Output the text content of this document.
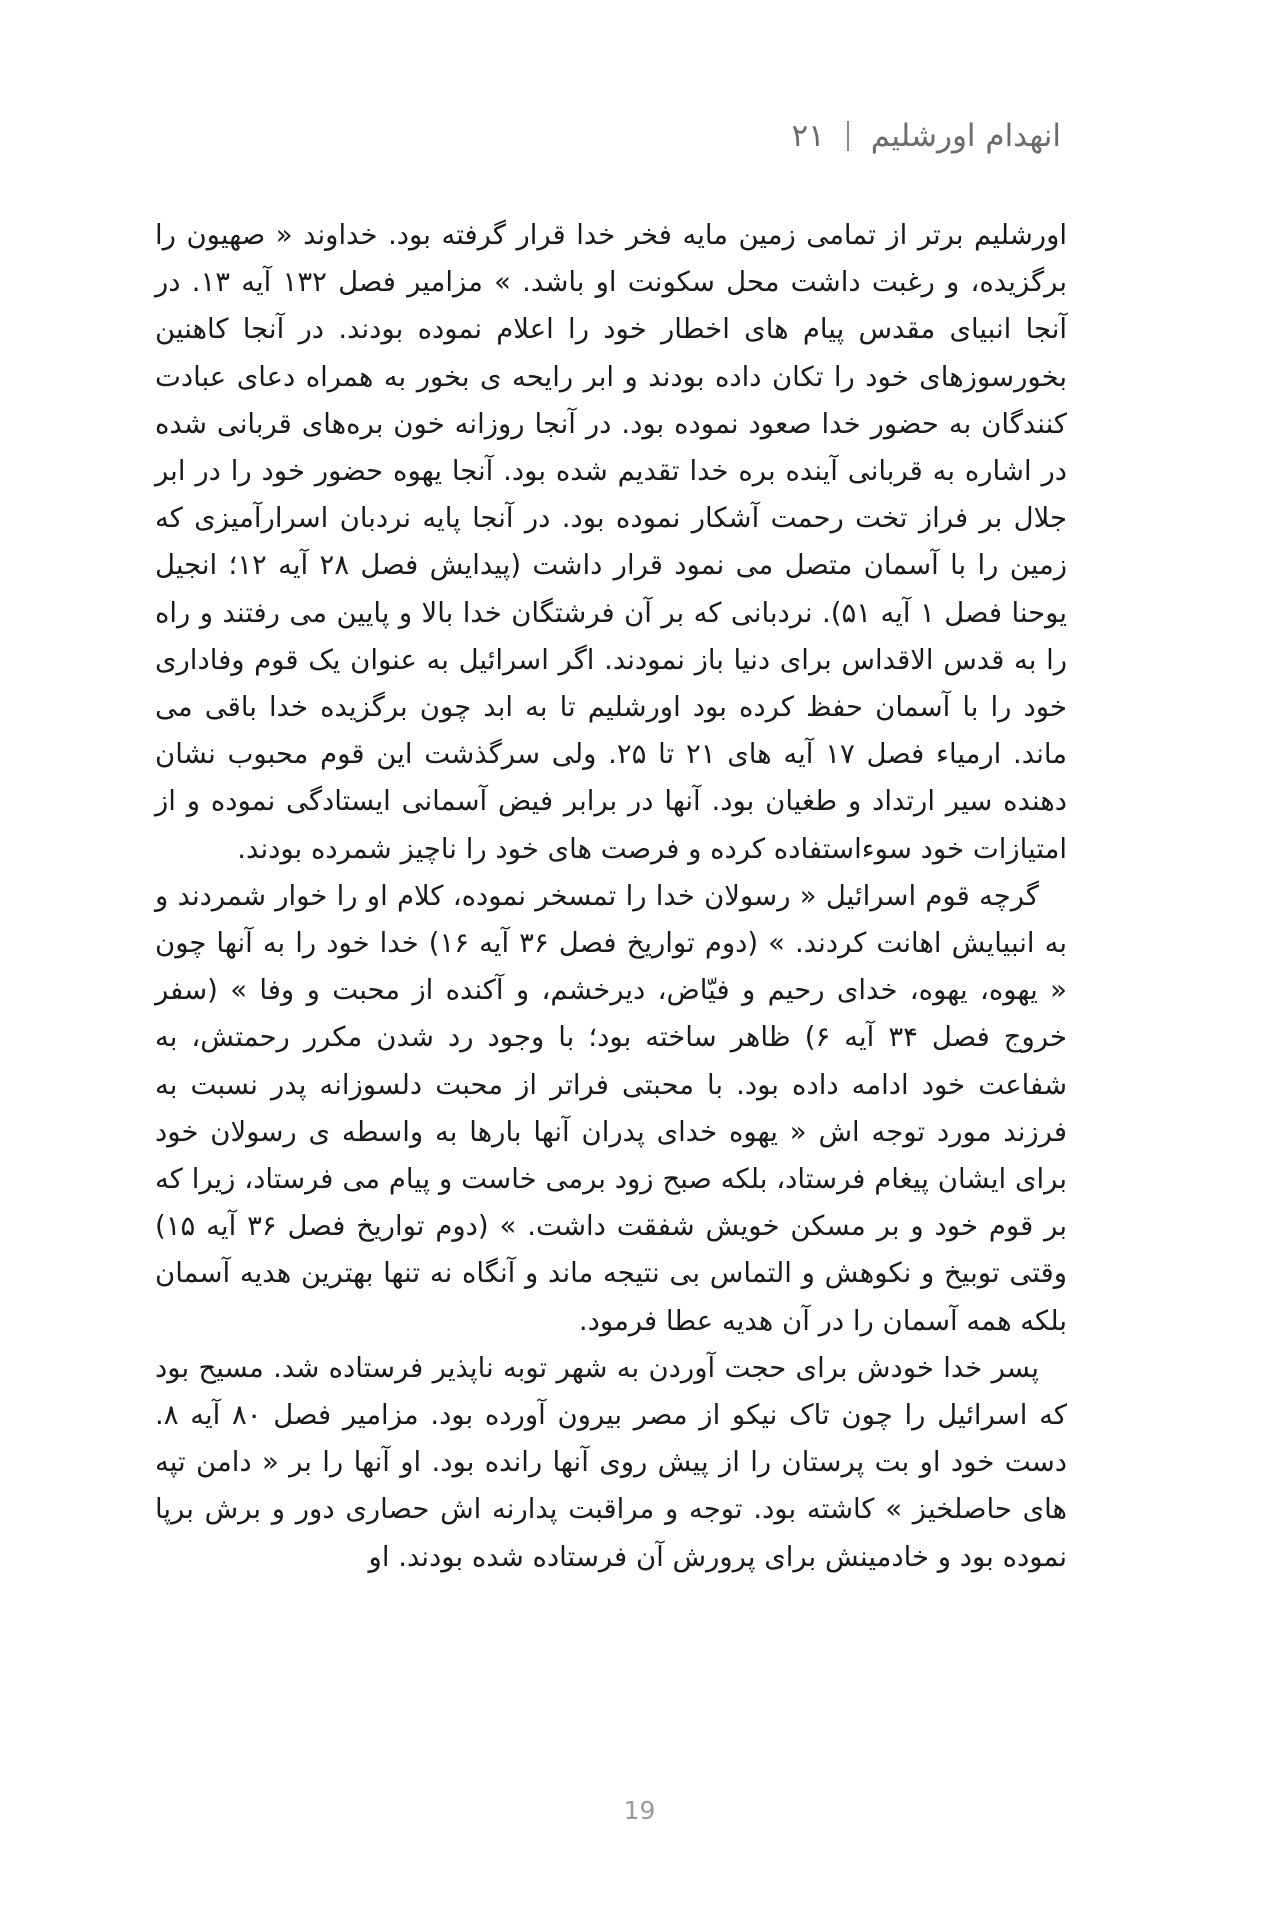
انهدام اورشلیم
۲۱

اورشلیم برتر از تمامی زمین مایه فخر خدا قرار گرفته بود. خداوند « صهیون را برگزیده، و رغبت داشت محل سکونت او باشد. » مزامیر فصل ۱۳۲ آیه ۱۳. در آنجا انبیای مقدس پیام های اخطار خود را اعلام نموده بودند. در آنجا کاهنین بخورسوزهای خود را تکان داده بودند و ابر رایحه ی بخور به همراه دعای عبادت کنندگان به حضور خدا صعود نموده بود. در آنجا روزانه خون بره‌های قربانی شده در اشاره به قربانی آینده بره خدا تقدیم شده بود. آنجا یهوه حضور خود را در ابر جلال بر فراز تخت رحمت آشکار نموده بود. در آنجا پایه نردبان اسرارآمیزی که زمین را با آسمان متصل می نمود قرار داشت (پیدایش فصل ۲۸ آیه ۱۲؛ انجیل یوحنا فصل ۱ آیه ۵۱). نردبانی که بر آن فرشتگان خدا بالا و پایین می رفتند و راه را به قدس الاقداس برای دنیا باز نمودند. اگر اسرائیل به عنوان یک قوم وفاداری خود را با آسمان حفظ کرده بود اورشلیم تا به ابد چون برگزیده خدا باقی می ماند. ارمیاء فصل ۱۷ آیه های ۲۱ تا ۲۵. ولی سرگذشت این قوم محبوب نشان دهنده سیر ارتداد و طغیان بود. آنها در برابر فیض آسمانی ایستادگی نموده و از امتیازات خود سوءاستفاده کرده و فرصت های خود را ناچیز شمرده بودند.

گرچه قوم اسرائیل « رسولان خدا را تمسخر نموده، کلام او را خوار شمردند و به انبیایش اهانت کردند. » (دوم تواریخ فصل ۳۶ آیه ۱۶) خدا خود را به آنها چون « یهوه، یهوه، خدای رحیم و فیّاض، دیرخشم، و آکنده از محبت و وفا » (سفر خروج فصل ۳۴ آیه ۶) ظاهر ساخته بود؛ با وجود رد شدن مکرر رحمتش، به شفاعت خود ادامه داده بود. با محبتی فراتر از محبت دلسوزانه پدر نسبت به فرزند مورد توجه اش « یهوه خدای پدران آنها بارها به واسطه ی رسولان خود برای ایشان پیغام فرستاد، بلکه صبح زود برمی خاست و پیام می فرستاد، زیرا که بر قوم خود و بر مسکن خویش شفقت داشت. » (دوم تواریخ فصل ۳۶ آیه ۱۵) وقتی توبیخ و نکوهش و التماس بی نتیجه ماند و آنگاه نه تنها بهترین هدیه آسمان بلکه همه آسمان را در آن هدیه عطا فرمود.

پسر خدا خودش برای حجت آوردن به شهر توبه ناپذیر فرستاده شد. مسیح بود که اسرائیل را چون تاک نیکو از مصر بیرون آورده بود. مزامیر فصل ۸۰ آیه ۸. دست خود او بت پرستان را از پیش روی آنها رانده بود. او آنها را بر « دامن تپه های حاصلخیز » کاشته بود. توجه و مراقبت پدارنه اش حصاری دور و برش برپا نموده بود و خادمینش برای پرورش آن فرستاده شده بودند. او

19
